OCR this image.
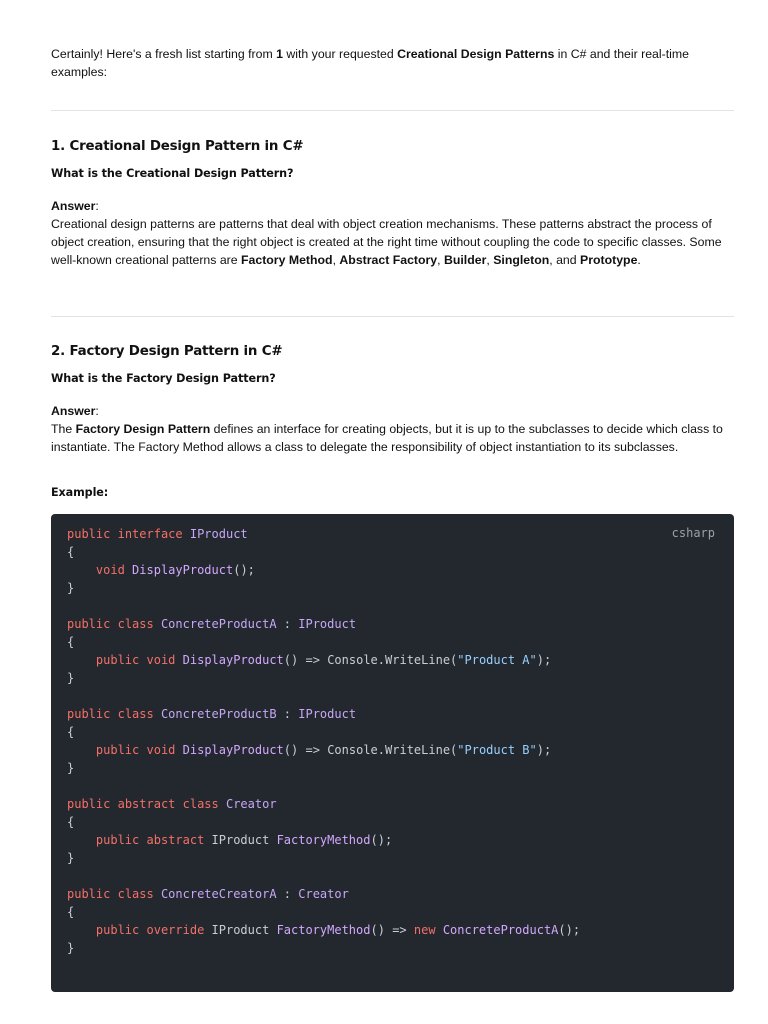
Certainly! Here's a fresh list starting from 1 with your requested Creational Design Patterns in C# and their real-time examples:

1. Creational Design Pattern in C#
What is the Creational Design Pattern?

Answer:

Creational design patterns are patterns that deal with object creation mechanisms. These patterns abstract the process of object creation, ensuring that the right object is created at the right time without coupling the code to specific classes. Some well-known creational patterns are Factory Method, Abstract Factory, Builder, Singleton, and Prototype.

2. Factory Design Pattern in C#
What is the Factory Design Pattern?

Answer:

The Factory Design Pattern defines an interface for creating objects, but it is up to the subclasses to decide which class to instantiate. The Factory Method allows a class to delegate the responsibility of object instantiation to its subclasses.

Example:
csharp
public interface IProduct
{
void DisplayProduct();
}

public class ConcreteProductA : IProduct
{
public void DisplayProduct() => Console.WriteLine("Product A");
}

public class ConcreteProductB : IProduct
{
public void DisplayProduct() => Console.WriteLine("Product B");
}

public abstract class Creator
{
public abstract IProduct FactoryMethod();
}

public class ConcreteCreatorA : Creator
{
public override IProduct FactoryMethod() => new ConcreteProductA();
}
